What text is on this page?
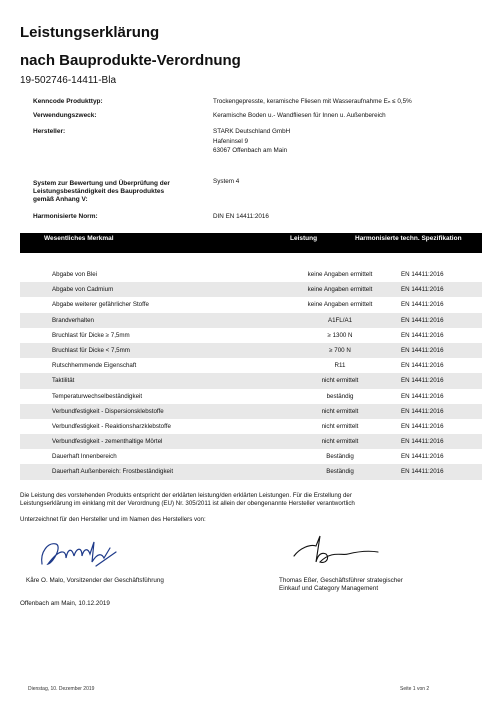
Leistungserklärung
nach Bauprodukte-Verordnung
19-502746-14411-Bla
Kenncode Produkttyp:	Trockengepresste, keramische Fliesen mit Wasseraufnahme Eₙ ≤ 0,5%
Verwendungszweck:	Keramische Boden u.- Wandfliesen für Innen u. Außenbereich
Hersteller:	STARK Deutschland GmbH
Hafeninsel 9
63067 Offenbach am Main
System zur Bewertung und Überprüfung der
Leistungsbeständigkeit des Bauproduktes
gemäß Anhang V:
System 4
Harmonisierte Norm:	DIN EN 14411:2016
Wesentliches Merkmal	Leistung	Harmonisierte techn. Spezifikation
Abgabe von Blei	keine Angaben ermittelt	EN 14411:2016
Abgabe von Cadmium	keine Angaben ermittelt	EN 14411:2016
Abgabe weiterer gefährlicher Stoffe	keine Angaben ermittelt	EN 14411:2016
Brandverhalten	A1FL/A1	EN 14411:2016
Bruchlast für Dicke ≥ 7,5mm	≥ 1300 N	EN 14411:2016
Bruchlast für Dicke < 7,5mm	≥ 700 N	EN 14411:2016
Rutschhemmende Eigenschaft	R11	EN 14411:2016
Taktilität	nicht ermittelt	EN 14411:2016
Temperaturwechselbeständigkeit	beständig	EN 14411:2016
Verbundfestigkeit - Dispersionsklebstoffe	nicht ermittelt	EN 14411:2016
Verbundfestigkeit - Reaktionsharzklebstoffe	nicht ermittelt	EN 14411:2016
Verbundfestigkeit - zementhaltige Mörtel	nicht ermittelt	EN 14411:2016
Dauerhaft Innenbereich	Beständig	EN 14411:2016
Dauerhaft Außenbereich: Frostbeständigkeit	Beständig	EN 14411:2016
Die Leistung des vorstehenden Produkts entspricht der erklärten leistung/den erklärten Leistungen. Für die Erstellung der
Leistungserklärung im einklang mit der Verordnung (EU) Nr. 305/2011 ist allein der obengenannte Hersteller verantwortlich
Unterzeichnet für den Hersteller und im Namen des Herstellers von:
Kåre O. Malo, Vorsitzender der Geschäftsführung	Thomas Eßer, Geschäftsführer strategischer
Einkauf und Category Management
Offenbach am Main, 10.12.2019
Dienstag, 10. Dezember 2019	Seite 1 von 2
